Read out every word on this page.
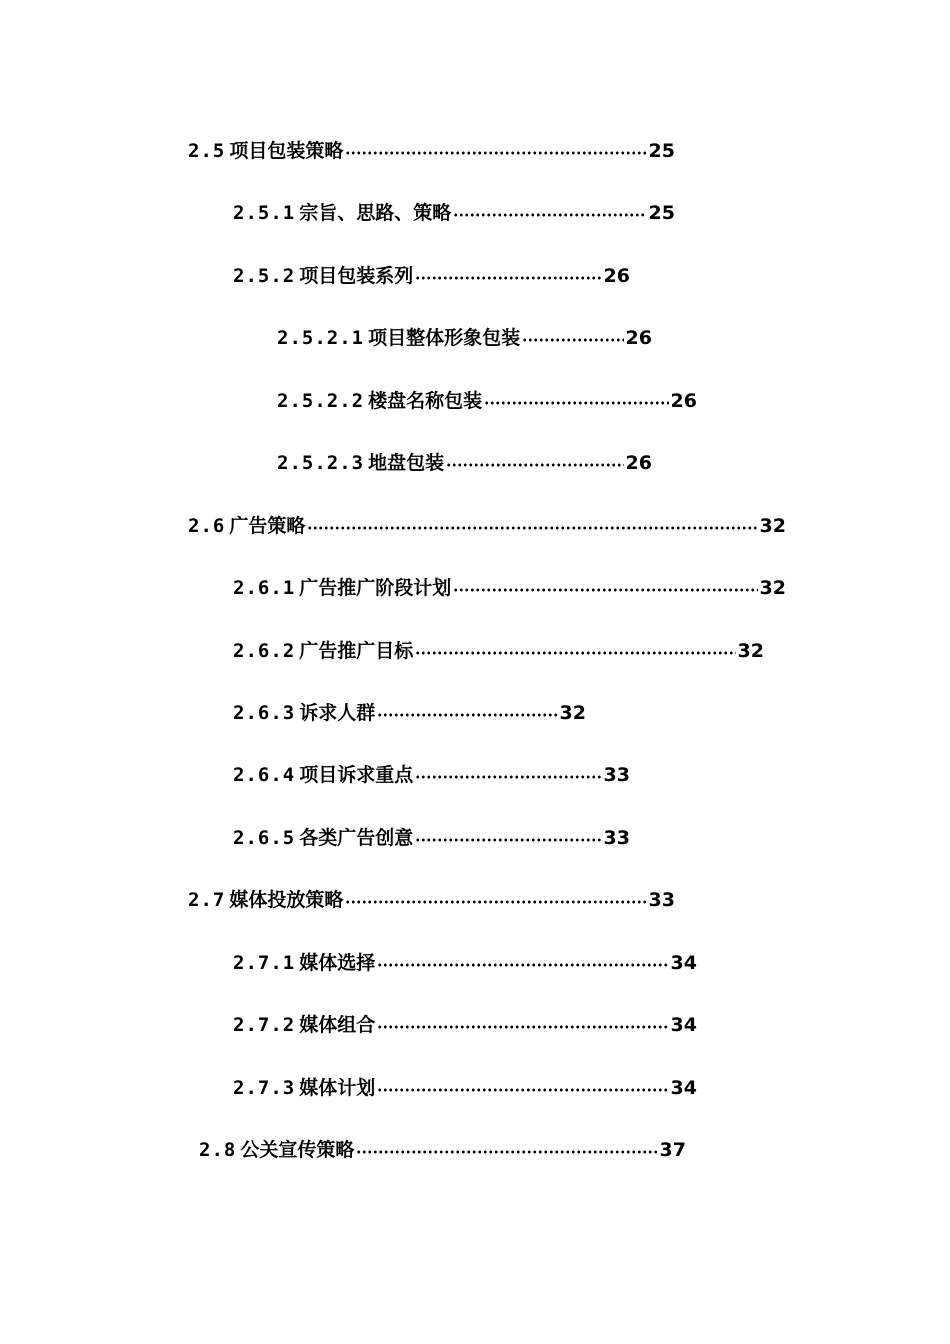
2.5 项目包装策略	25
2.5.1 宗旨、思路、策略	25
2.5.2 项目包装系列	26
2.5.2.1 项目整体形象包装	26
2.5.2.2 楼盘名称包装	26
2.5.2.3 地盘包装	26
2.6 广告策略	32
2.6.1 广告推广阶段计划	32
2.6.2 广告推广目标	32
2.6.3 诉求人群	32
2.6.4 项目诉求重点	33
2.6.5 各类广告创意	33
2.7 媒体投放策略	33
2.7.1 媒体选择	34
2.7.2 媒体组合	34
2.7.3 媒体计划	34
2.8 公关宣传策略	37
